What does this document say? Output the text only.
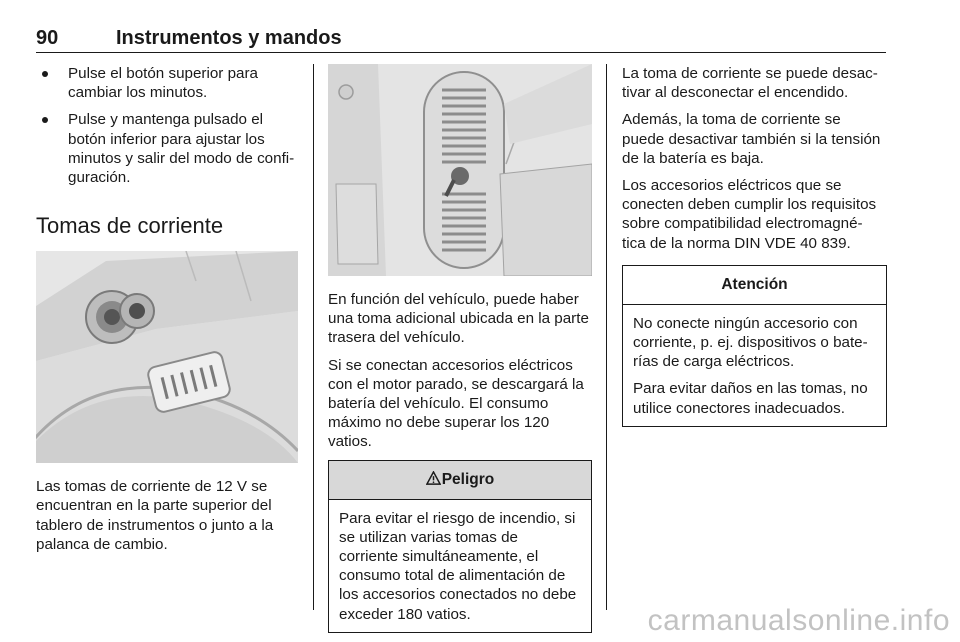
90	Instrumentos y mandos
Pulse el botón superior para cambiar los minutos.
Pulse y mantenga pulsado el botón inferior para ajustar los minutos y salir del modo de confi‐ guración.
Tomas de corriente

Las tomas de corriente de 12 V se encuentran en la parte superior del tablero de instrumentos o junto a la palanca de cambio.

En función del vehículo, puede haber una toma adicional ubicada en la parte trasera del vehículo.

Si se conectan accesorios eléctricos con el motor parado, se descargará la batería del vehículo. El consumo máximo no debe superar los 120 vatios.

Peligro

Para evitar el riesgo de incendio, si se utilizan varias tomas de corriente simultáneamente, el consumo total de alimentación de los accesorios conectados no debe exceder 180 vatios.

La toma de corriente se puede desac‐ tivar al desconectar el encendido.

Además, la toma de corriente se puede desactivar también si la tensión de la batería es baja.

Los accesorios eléctricos que se conecten deben cumplir los requisitos sobre compatibilidad electromagné‐ tica de la norma DIN VDE 40 839.

Atención

No conecte ningún accesorio con corriente, p. ej. dispositivos o bate‐ rías de carga eléctricos.

Para evitar daños en las tomas, no utilice conectores inadecuados.

carmanualsonline.info
